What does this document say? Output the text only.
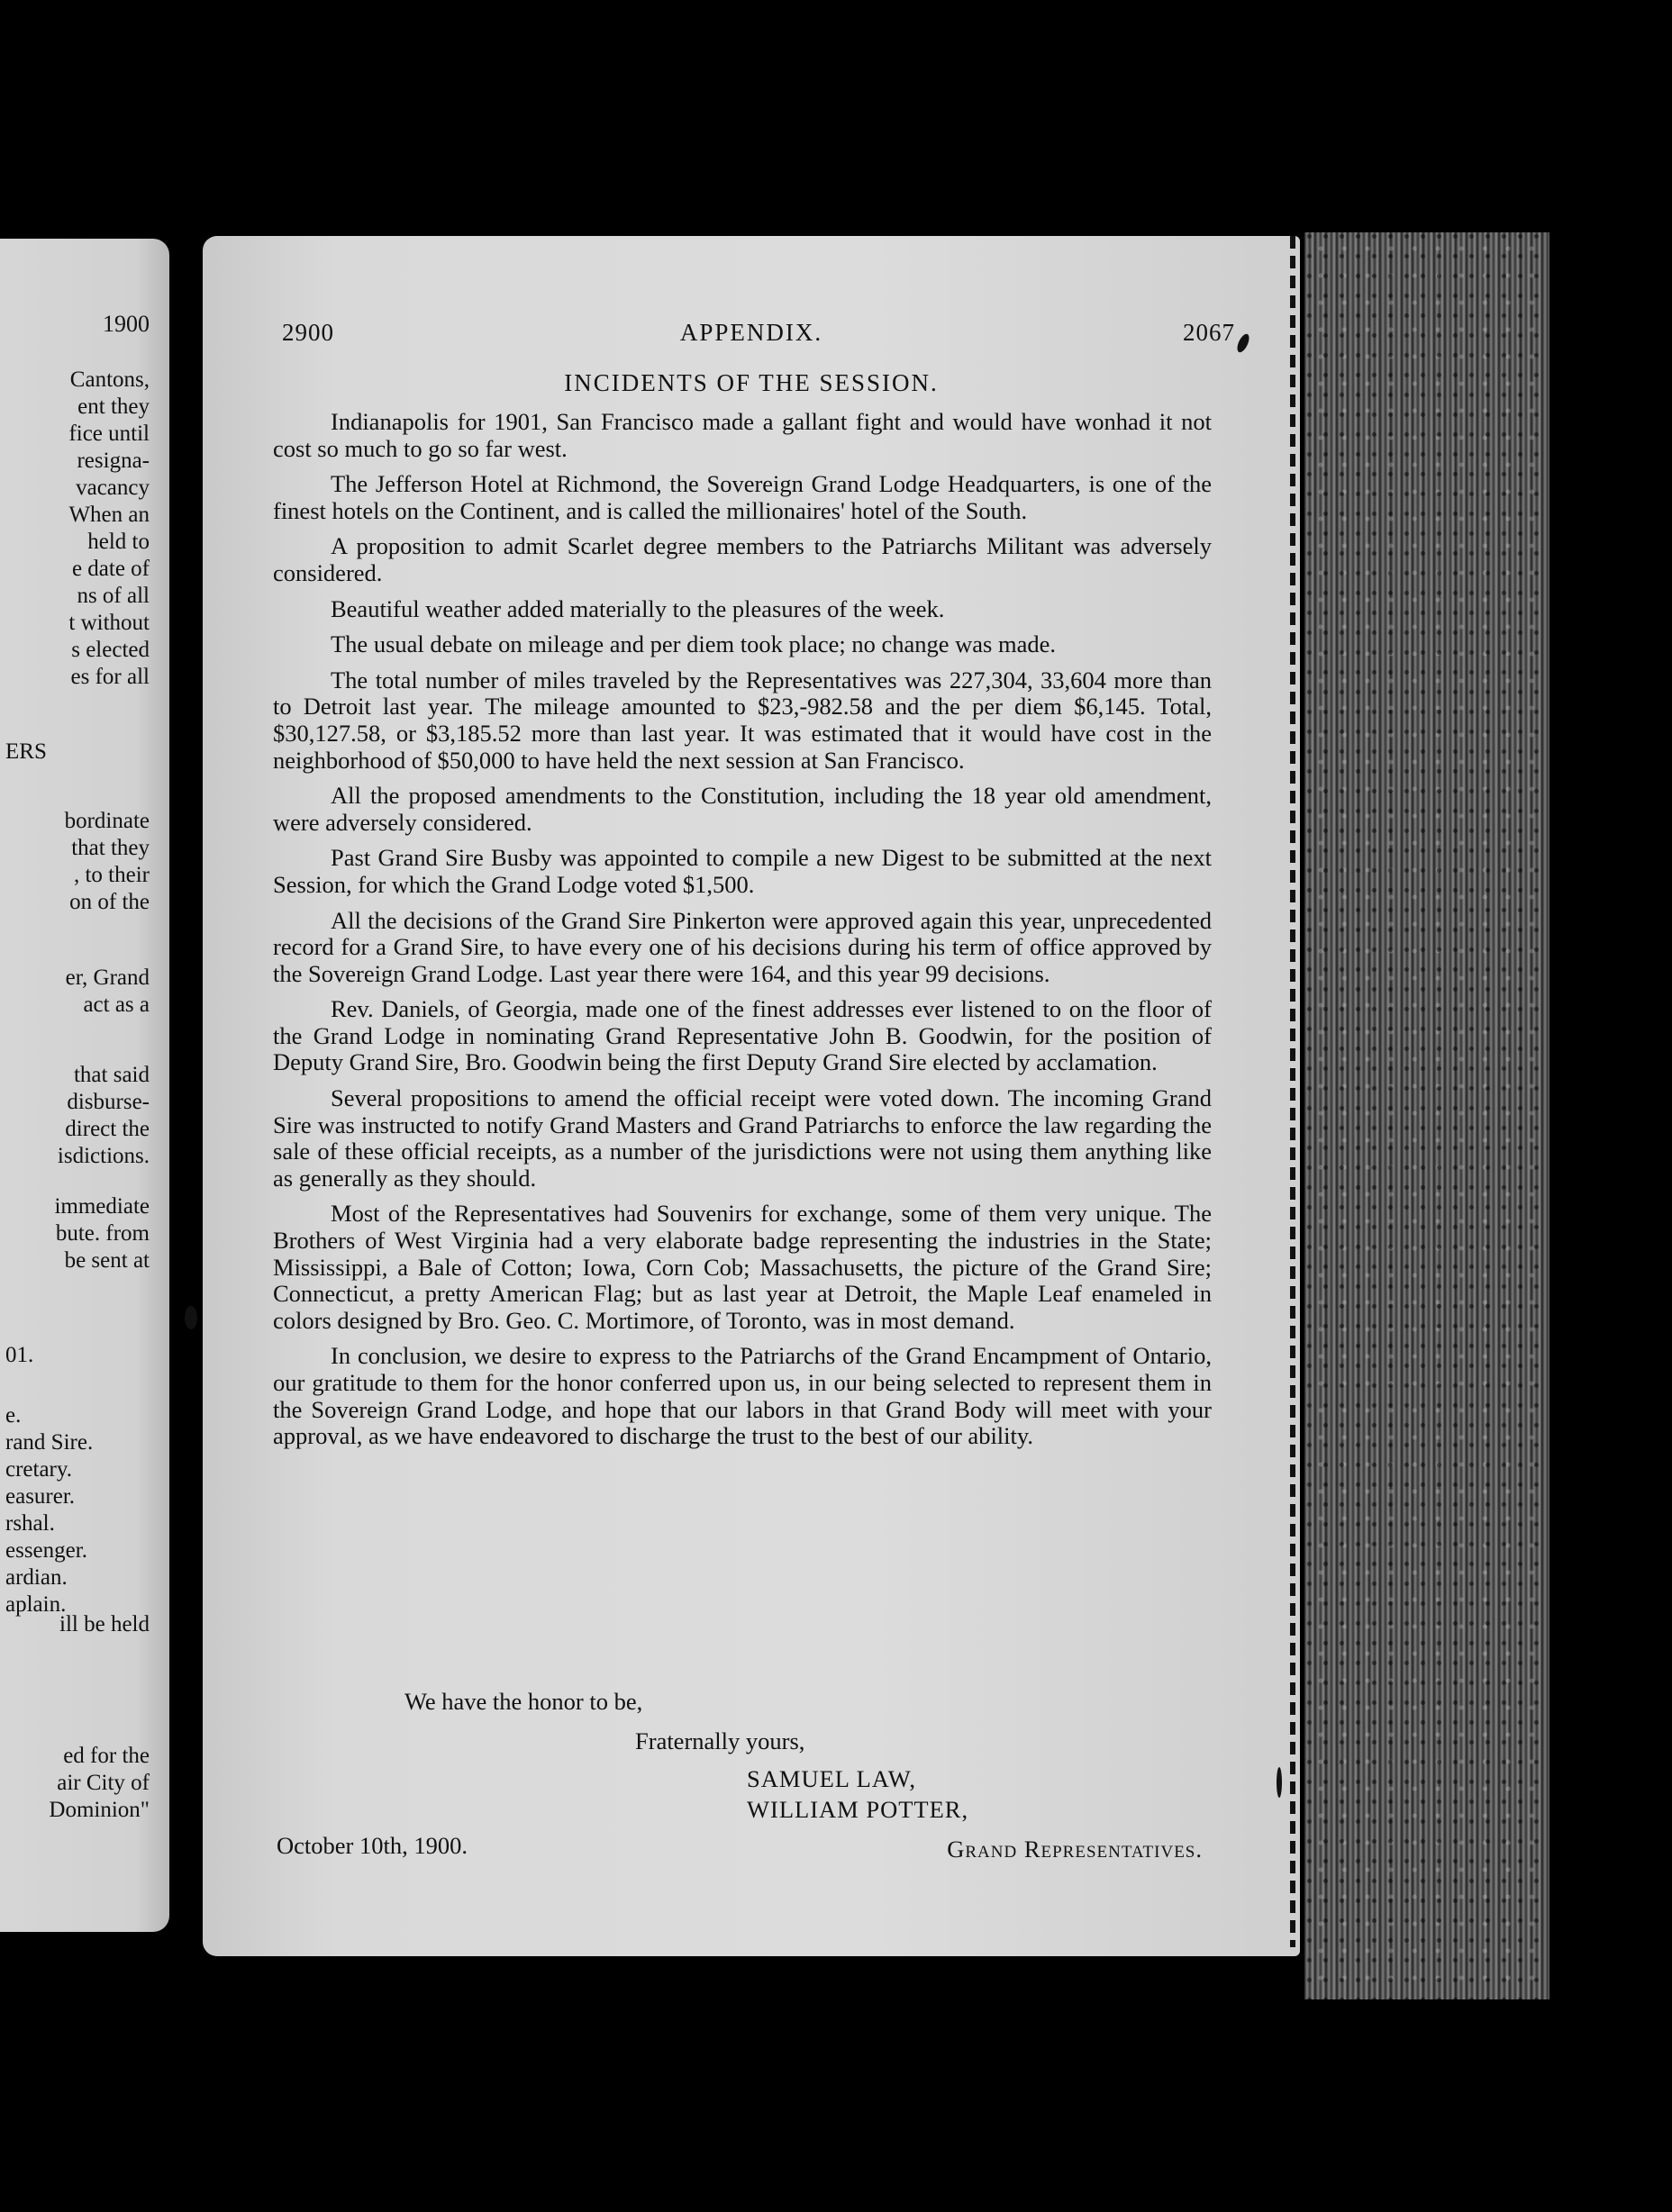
1900
Cantons,
ent they
fice until
resigna-
vacancy
When an
held to
e date of
ns of all
t without
s elected
es for all
ERS
bordinate
that they
, to their
on of the
er, Grand
act as a
that said
disburse-
direct the
isdictions.
immediate
bute. from
be sent at
01.
e.
rand Sire.
cretary.
easurer.
rshal.
essenger.
ardian.
aplain.
ill be held
ed for the
air City of
Dominion"
2900	APPENDIX.	2067
INCIDENTS OF THE SESSION.

Indianapolis for 1901, San Francisco made a gallant fight and would have wonhad it not cost so much to go so far west.

The Jefferson Hotel at Richmond, the Sovereign Grand Lodge Headquarters, is one of the finest hotels on the Continent, and is called the millionaires' hotel of the South.

A proposition to admit Scarlet degree members to the Patriarchs Militant was adversely considered.

Beautiful weather added materially to the pleasures of the week.

The usual debate on mileage and per diem took place; no change was made.

The total number of miles traveled by the Representatives was 227,304, 33,604 more than to Detroit last year. The mileage amounted to $23,-982.58 and the per diem $6,145. Total, $30,127.58, or $3,185.52 more than last year. It was estimated that it would have cost in the neighborhood of $50,000 to have held the next session at San Francisco.

All the proposed amendments to the Constitution, including the 18 year old amendment, were adversely considered.

Past Grand Sire Busby was appointed to compile a new Digest to be submitted at the next Session, for which the Grand Lodge voted $1,500.

All the decisions of the Grand Sire Pinkerton were approved again this year, unprecedented record for a Grand Sire, to have every one of his decisions during his term of office approved by the Sovereign Grand Lodge. Last year there were 164, and this year 99 decisions.

Rev. Daniels, of Georgia, made one of the finest addresses ever listened to on the floor of the Grand Lodge in nominating Grand Representative John B. Goodwin, for the position of Deputy Grand Sire, Bro. Goodwin being the first Deputy Grand Sire elected by acclamation.

Several propositions to amend the official receipt were voted down. The incoming Grand Sire was instructed to notify Grand Masters and Grand Patriarchs to enforce the law regarding the sale of these official receipts, as a number of the jurisdictions were not using them anything like as generally as they should.

Most of the Representatives had Souvenirs for exchange, some of them very unique. The Brothers of West Virginia had a very elaborate badge representing the industries in the State; Mississippi, a Bale of Cotton; Iowa, Corn Cob; Massachusetts, the picture of the Grand Sire; Connecticut, a pretty American Flag; but as last year at Detroit, the Maple Leaf enameled in colors designed by Bro. Geo. C. Mortimore, of Toronto, was in most demand.

In conclusion, we desire to express to the Patriarchs of the Grand Encampment of Ontario, our gratitude to them for the honor conferred upon us, in our being selected to represent them in the Sovereign Grand Lodge, and hope that our labors in that Grand Body will meet with your approval, as we have endeavored to discharge the trust to the best of our ability.

We have the honor to be,
Fraternally yours,
SAMUEL LAW,
WILLIAM POTTER,
October 10th, 1900.	Grand Representatives.
